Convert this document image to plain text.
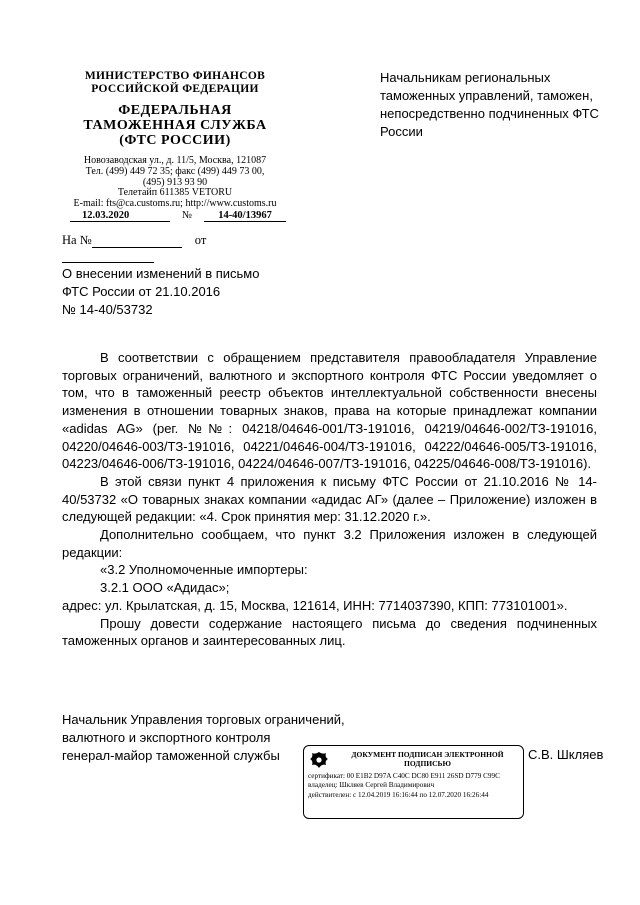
МИНИСТЕРСТВО ФИНАНСОВ
РОССИЙСКОЙ ФЕДЕРАЦИИ
ФЕДЕРАЛЬНАЯ
ТАМОЖЕННАЯ СЛУЖБА
(ФТС РОССИИ)
Новозаводская ул., д. 11/5, Москва, 121087
Тел. (499) 449 72 35; факс (499) 449 73 00,
(495) 913 93 90
Телетайп 611385 VETORU
E-mail: fts@ca.customs.ru; http://www.customs.ru
12.03.2020	№ 14-40/13967
На №	от
Начальникам региональных таможенных управлений, таможен, непосредственно подчиненных ФТС России
О внесении изменений в письмо
ФТС России от 21.10.2016
№ 14-40/53732

В соответствии с обращением представителя правообладателя Управление торговых ограничений, валютного и экспортного контроля ФТС России уведомляет о том, что в таможенный реестр объектов интеллектуальной собственности внесены изменения в отношении товарных знаков, права на которые принадлежат компании «adidas AG» (рег. №№: 04218/04646-001/ТЗ-191016, 04219/04646-002/ТЗ-191016, 04220/04646-003/ТЗ-191016, 04221/04646-004/ТЗ-191016, 04222/04646-005/ТЗ-191016, 04223/04646-006/ТЗ-191016, 04224/04646-007/ТЗ-191016, 04225/04646-008/ТЗ-191016).

В этой связи пункт 4 приложения к письму ФТС России от 21.10.2016 № 14-40/53732 «О товарных знаках компании «адидас АГ» (далее – Приложение) изложен в следующей редакции: «4. Срок принятия мер: 31.12.2020 г.».

Дополнительно сообщаем, что пункт 3.2 Приложения изложен в следующей редакции:

«3.2 Уполномоченные импортеры:

3.2.1 ООО «Адидас»;

адрес: ул. Крылатская, д. 15, Москва, 121614, ИНН: 7714037390, КПП: 773101001».

Прошу довести содержание настоящего письма до сведения подчиненных таможенных органов и заинтересованных лиц.

Начальник Управления торговых ограничений,
валютного и экспортного контроля
генерал-майор таможенной службы	С.В. Шкляев
ДОКУМЕНТ ПОДПИСАН ЭЛЕКТРОННОЙ ПОДПИСЬЮ
сертификат: 00 E1B2 D97A C40C DC80 E911 26SD D779 C99C
владелец: Шкляев Сергей Владимирович
действителен: с 12.04.2019 16:16:44 по 12.07.2020 16:26:44
